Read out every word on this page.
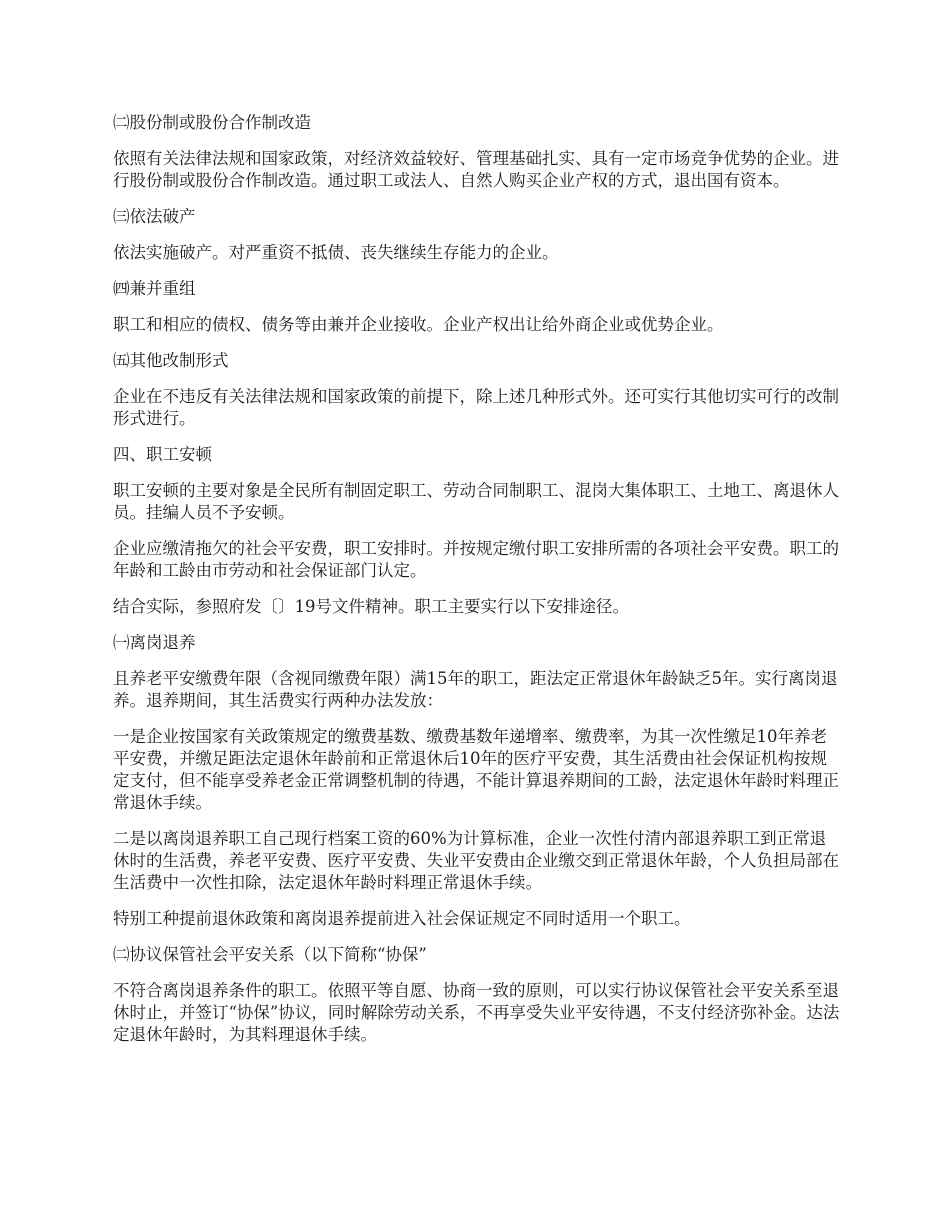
㈡股份制或股份合作制改造

依照有关法律法规和国家政策，对经济效益较好、管理基础扎实、具有一定市场竞争优势的企业。进行股份制或股份合作制改造。通过职工或法人、自然人购买企业产权的方式，退出国有资本。

㈢依法破产

依法实施破产。对严重资不抵债、丧失继续生存能力的企业。

㈣兼并重组

职工和相应的债权、债务等由兼并企业接收。企业产权出让给外商企业或优势企业。

㈤其他改制形式

企业在不违反有关法律法规和国家政策的前提下，除上述几种形式外。还可实行其他切实可行的改制形式进行。

四、职工安顿

职工安顿的主要对象是全民所有制固定职工、劳动合同制职工、混岗大集体职工、土地工、离退休人员。挂编人员不予安顿。

企业应缴清拖欠的社会平安费，职工安排时。并按规定缴付职工安排所需的各项社会平安费。职工的年龄和工龄由市劳动和社会保证部门认定。

结合实际，参照府发〔〕19号文件精神。职工主要实行以下安排途径。

㈠离岗退养

且养老平安缴费年限（含视同缴费年限）满15年的职工，距法定正常退休年龄缺乏5年。实行离岗退养。退养期间，其生活费实行两种办法发放：

一是企业按国家有关政策规定的缴费基数、缴费基数年递增率、缴费率，为其一次性缴足10年养老平安费，并缴足距法定退休年龄前和正常退休后10年的医疗平安费，其生活费由社会保证机构按规定支付，但不能享受养老金正常调整机制的待遇，不能计算退养期间的工龄，法定退休年龄时料理正常退休手续。

二是以离岗退养职工自己现行档案工资的60%为计算标准，企业一次性付清内部退养职工到正常退休时的生活费，养老平安费、医疗平安费、失业平安费由企业缴交到正常退休年龄，个人负担局部在生活费中一次性扣除，法定退休年龄时料理正常退休手续。

特别工种提前退休政策和离岗退养提前进入社会保证规定不同时适用一个职工。

㈡协议保管社会平安关系（以下简称“协保”

不符合离岗退养条件的职工。依照平等自愿、协商一致的原则，可以实行协议保管社会平安关系至退休时止，并签订“协保”协议，同时解除劳动关系，不再享受失业平安待遇，不支付经济弥补金。达法定退休年龄时，为其料理退休手续。
